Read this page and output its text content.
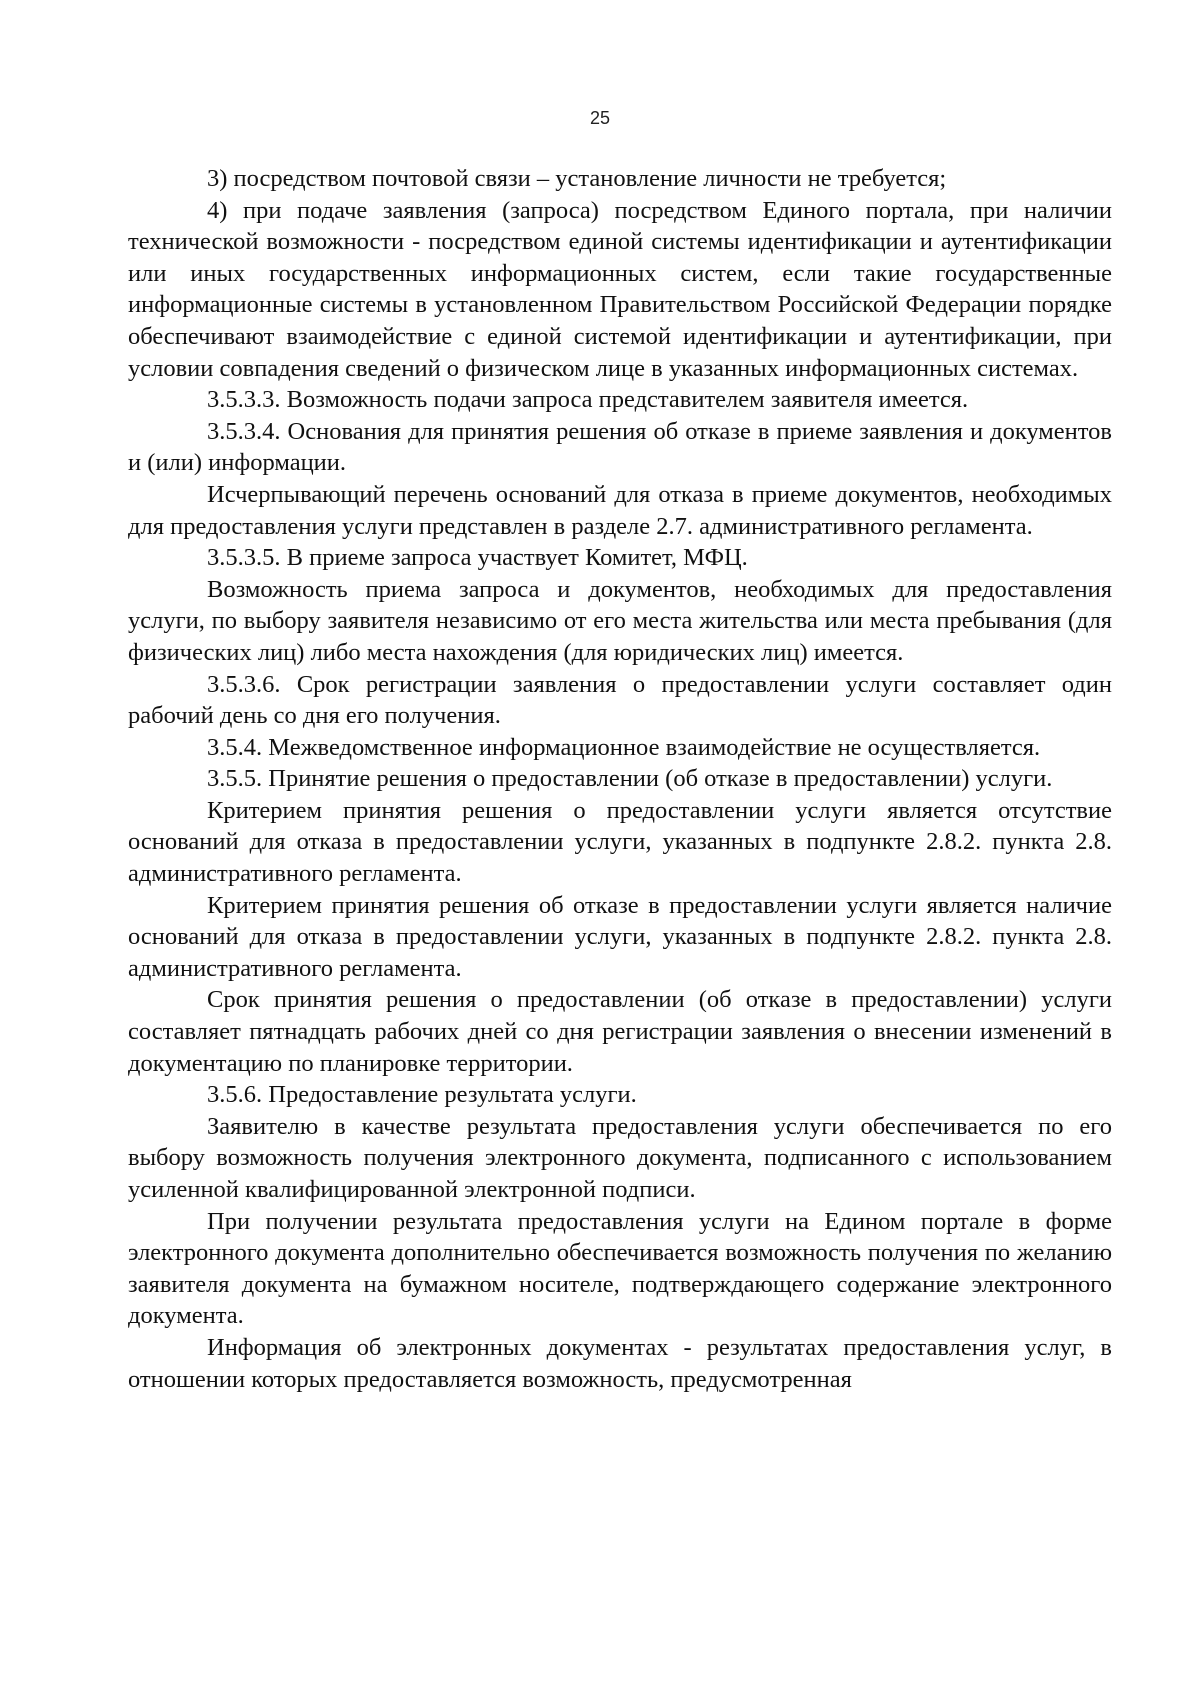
25

3) посредством почтовой связи – установление личности не требуется;

4) при подаче заявления (запроса) посредством Единого портала, при наличии технической возможности - посредством единой системы идентификации и аутентификации или иных государственных информационных систем, если такие государственные информационные системы в установленном Правительством Российской Федерации порядке обеспечивают взаимодействие с единой системой идентификации и аутентификации, при условии совпадения сведений о физическом лице в указанных информационных системах.

3.5.3.3. Возможность подачи запроса представителем заявителя имеется.

3.5.3.4. Основания для принятия решения об отказе в приеме заявления и документов и (или) информации.

Исчерпывающий перечень оснований для отказа в приеме документов, необходимых для предоставления услуги представлен в разделе 2.7. административного регламента.

3.5.3.5. В приеме запроса участвует Комитет, МФЦ.

Возможность приема запроса и документов, необходимых для предоставления услуги, по выбору заявителя независимо от его места жительства или места пребывания (для физических лиц) либо места нахождения (для юридических лиц) имеется.

3.5.3.6. Срок регистрации заявления о предоставлении услуги составляет один рабочий день со дня его получения.

3.5.4. Межведомственное информационное взаимодействие не осуществляется.

3.5.5. Принятие решения о предоставлении (об отказе в предоставлении) услуги.

Критерием принятия решения о предоставлении услуги является отсутствие оснований для отказа в предоставлении услуги, указанных в подпункте 2.8.2. пункта 2.8. административного регламента.

Критерием принятия решения об отказе в предоставлении услуги является наличие оснований для отказа в предоставлении услуги, указанных в подпункте 2.8.2. пункта 2.8. административного регламента.

Срок принятия решения о предоставлении (об отказе в предоставлении) услуги составляет пятнадцать рабочих дней со дня регистрации заявления о внесении изменений в документацию по планировке территории.

3.5.6. Предоставление результата услуги.

Заявителю в качестве результата предоставления услуги обеспечивается по его выбору возможность получения электронного документа, подписанного с использованием усиленной квалифицированной электронной подписи.

При получении результата предоставления услуги на Едином портале в форме электронного документа дополнительно обеспечивается возможность получения по желанию заявителя документа на бумажном носителе, подтверждающего содержание электронного документа.

Информация об электронных документах - результатах предоставления услуг, в отношении которых предоставляется возможность, предусмотренная
